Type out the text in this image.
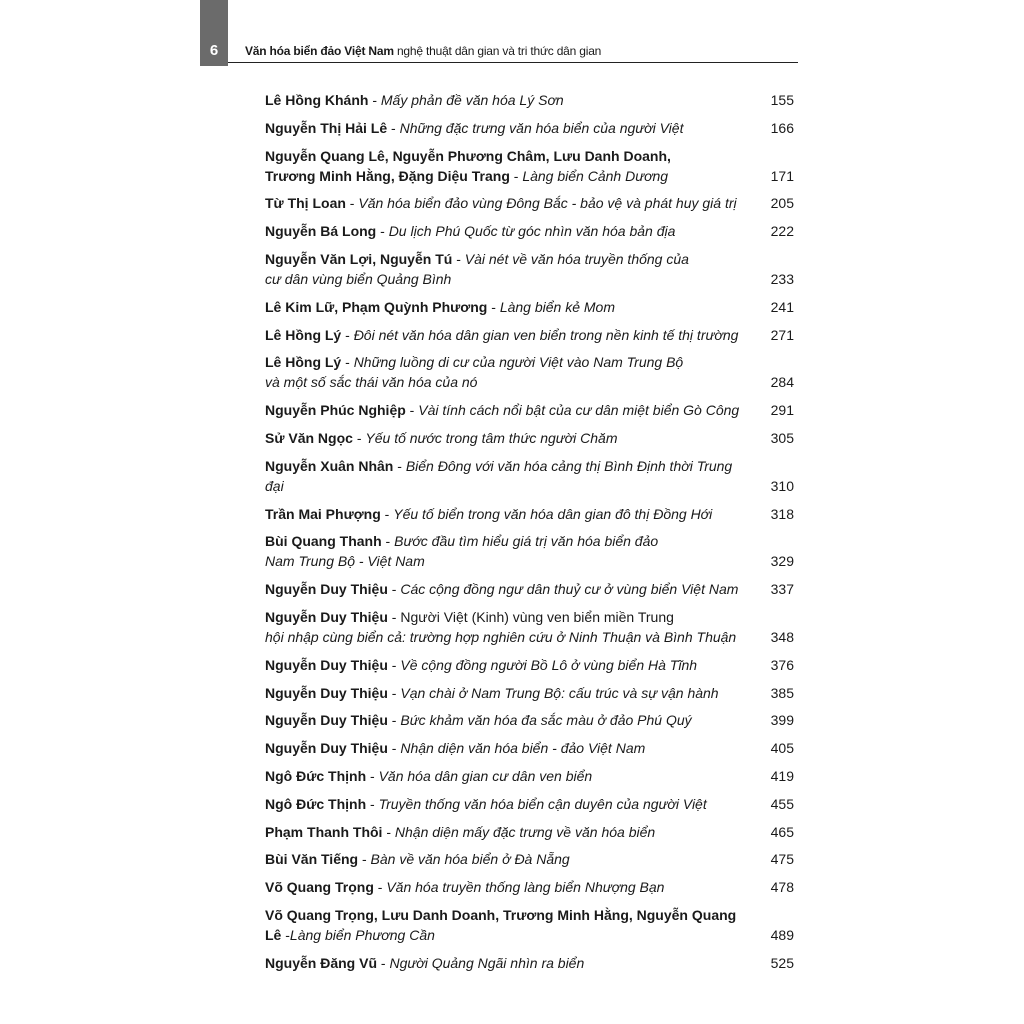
6 Văn hóa biển đảo Việt Nam nghệ thuật dân gian và tri thức dân gian
Lê Hồng Khánh - Mấy phản đề văn hóa Lý Sơn	155
Nguyễn Thị Hải Lê - Những đặc trưng văn hóa biển của người Việt	166
Nguyễn Quang Lê, Nguyễn Phương Châm, Lưu Danh Doanh,
Trương Minh Hằng, Đặng Diệu Trang - Làng biển Cảnh Dương	171
Từ Thị Loan - Văn hóa biển đảo vùng Đông Bắc - bảo vệ và phát huy giá trị	205
Nguyễn Bá Long - Du lịch Phú Quốc từ góc nhìn văn hóa bản địa	222
Nguyễn Văn Lợi, Nguyễn Tú - Vài nét về văn hóa truyền thống của
cư dân vùng biển Quảng Bình	233
Lê Kim Lữ, Phạm Quỳnh Phương - Làng biển kẻ Mom	241
Lê Hồng Lý - Đôi nét văn hóa dân gian ven biển trong nền kinh tế thị trường	271
Lê Hồng Lý - Những luồng di cư của người Việt vào Nam Trung Bộ
và một số sắc thái văn hóa của nó	284
Nguyễn Phúc Nghiệp - Vài tính cách nổi bật của cư dân miệt biển Gò Công	291
Sử Văn Ngọc - Yếu tố nước trong tâm thức người Chăm	305
Nguyễn Xuân Nhân - Biển Đông với văn hóa cảng thị Bình Định thời Trung đại	310
Trần Mai Phượng - Yếu tố biển trong văn hóa dân gian đô thị Đồng Hới	318
Bùi Quang Thanh - Bước đầu tìm hiểu giá trị văn hóa biển đảo
Nam Trung Bộ - Việt Nam	329
Nguyễn Duy Thiệu - Các cộng đồng ngư dân thuỷ cư ở vùng biển Việt Nam	337
Nguyễn Duy Thiệu - Người Việt (Kinh) vùng ven biển miền Trung
hội nhập cùng biển cả: trường hợp nghiên cứu ở Ninh Thuận và Bình Thuận	348
Nguyễn Duy Thiệu - Về cộng đồng người Bồ Lô ở vùng biển Hà Tĩnh	376
Nguyễn Duy Thiệu - Vạn chài ở Nam Trung Bộ: cấu trúc và sự vận hành	385
Nguyễn Duy Thiệu - Bức khảm văn hóa đa sắc màu ở đảo Phú Quý	399
Nguyễn Duy Thiệu - Nhận diện văn hóa biển - đảo Việt Nam	405
Ngô Đức Thịnh - Văn hóa dân gian cư dân ven biển	419
Ngô Đức Thịnh - Truyền thống văn hóa biển cận duyên của người Việt	455
Phạm Thanh Thôi - Nhận diện mấy đặc trưng về văn hóa biển	465
Bùi Văn Tiếng - Bàn về văn hóa biển ở Đà Nẵng	475
Võ Quang Trọng - Văn hóa truyền thống làng biển Nhượng Bạn	478
Võ Quang Trọng, Lưu Danh Doanh, Trương Minh Hằng, Nguyễn Quang Lê -Làng biển Phương Cần	489
Nguyễn Đăng Vũ - Người Quảng Ngãi nhìn ra biển	525
